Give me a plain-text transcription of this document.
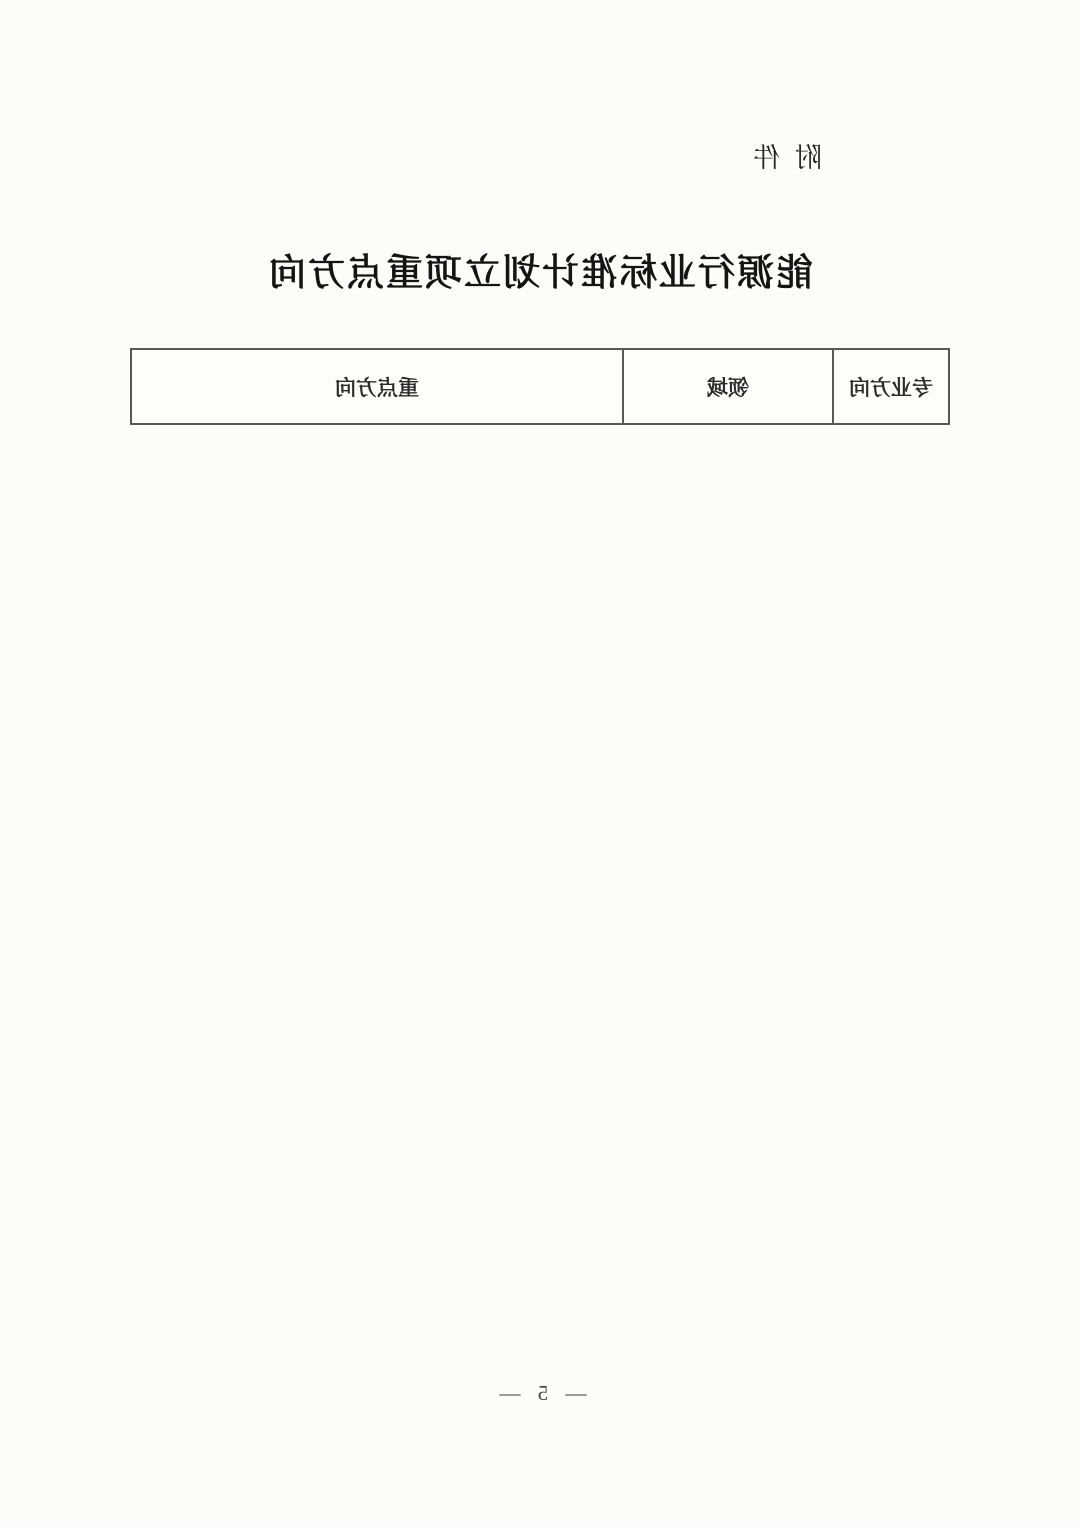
附 件
能源行业标准计划立项重点方向
专业方向	领域	重点方向
— 5 —
